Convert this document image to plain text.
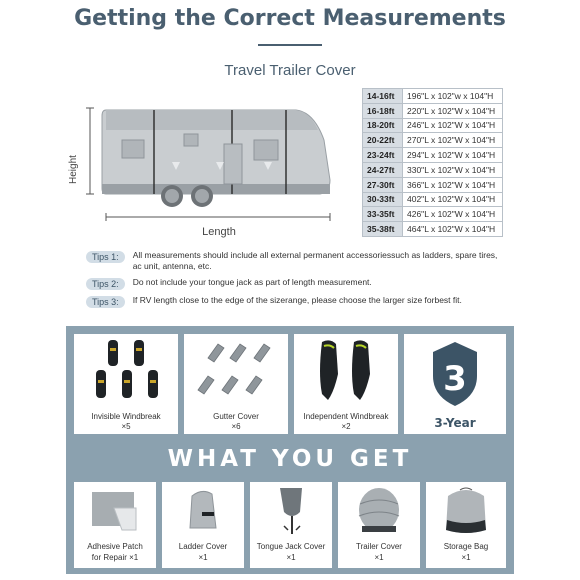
Getting the Correct Measurements
Travel Trailer Cover
Height
Length
14-16ft	196"L x 102"w x 104"H
16-18ft	220"L x 102"W x 104"H
18-20ft	246"L x 102"W x 104"H
20-22ft	270"L x 102"W x 104"H
23-24ft	294"L x 102"W x 104"H
24-27ft	330"L x 102"W x 104"H
27-30ft	366"L x 102"W x 104"H
30-33ft	402"L x 102"W x 104"H
33-35ft	426"L x 102"W x 104"H
35-38ft	464"L x 102"W x 104"H
Tips 1:	All measurements should include all external permanent accessoriessuch as ladders, spare tires, ac unit, antenna, etc.
Tips 2:	Do not include your tongue jack as part of length measurement.
Tips 3:	If RV length close to the edge of the sizerange, please choose the larger size forbest fit.
Invisible Windbreak
×5
Gutter Cover
×6
Independent Windbreak
×2
3
3-Year
WHAT YOU GET
Adhesive Patch
for Repair ×1
Ladder Cover
×1
Tongue Jack Cover
×1
Trailer Cover
×1
Storage Bag
×1
